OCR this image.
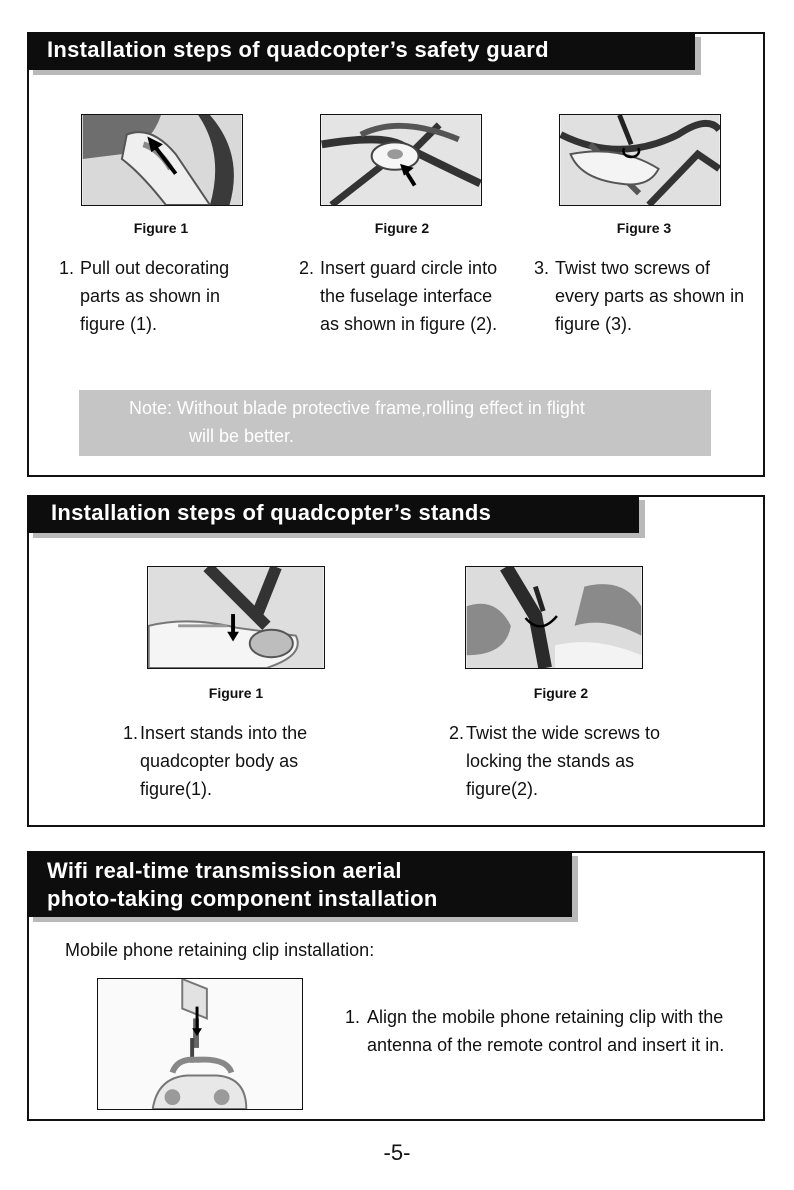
Installation steps of quadcopter’s safety guard
Figure 1	Figure 2	Figure 3
1. Pull out decorating parts as shown in figure (1).
2. Insert guard circle into the fuselage interface as shown in figure (2).
3. Twist two screws of every parts as shown in figure (3).
Note: Without blade protective frame,rolling effect in flight
will be better.
Installation steps of quadcopter’s stands
Figure 1	Figure 2
1. Insert stands into the quadcopter body as figure(1).
2. Twist the wide screws to locking the stands as figure(2).
Wifi real-time transmission aerial
photo-taking component installation
Mobile phone retaining clip installation:
1. Align the mobile phone retaining clip with the antenna of the remote control and insert it in.
-5-
